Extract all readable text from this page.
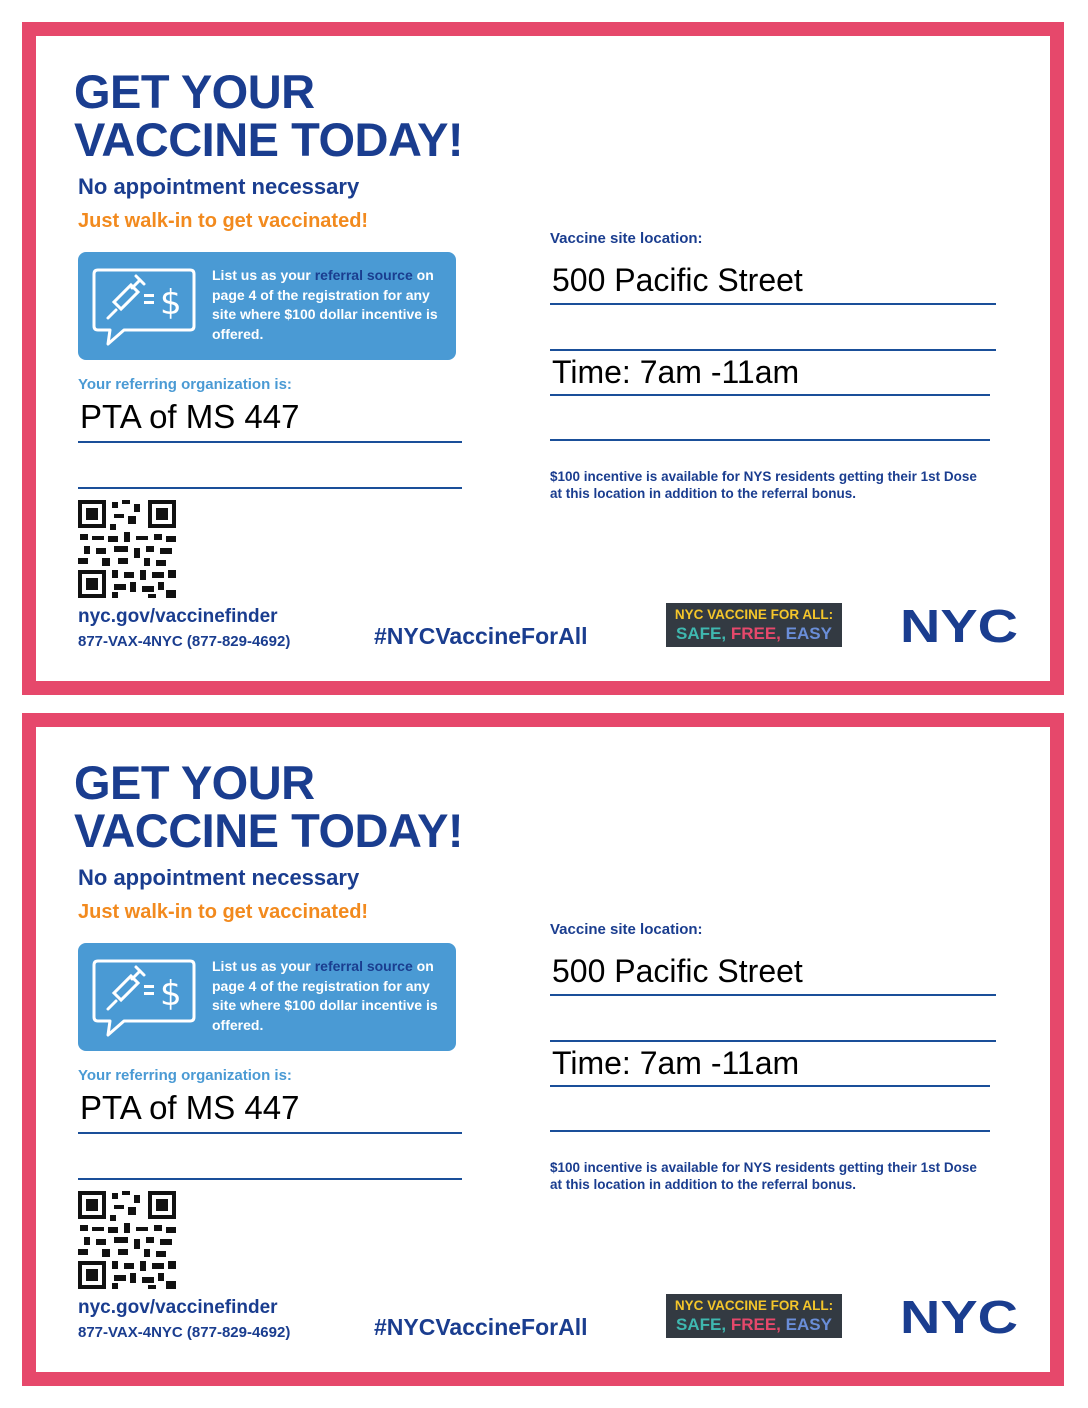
GET YOUR
VACCINE TODAY!
No appointment necessary
Just walk-in to get vaccinated!
$
List us as your referral source on page 4 of the registration for any site where $100 dollar incentive is offered.
Your referring organization is:
PTA of MS 447
nyc.gov/vaccinefinder
877-VAX-4NYC (877-829-4692)	#NYCVaccineForAll
Vaccine site location:
500 Pacific Street
Time: 7am -11am
$100 incentive is available for NYS residents getting their 1st Dose at this location in addition to the referral bonus.
NYC VACCINE FOR ALL:
SAFE, FREE, EASY NYC
GET YOUR
VACCINE TODAY!
No appointment necessary
Just walk-in to get vaccinated!
$
List us as your referral source on page 4 of the registration for any site where $100 dollar incentive is offered.
Your referring organization is:
PTA of MS 447
nyc.gov/vaccinefinder
877-VAX-4NYC (877-829-4692)	#NYCVaccineForAll
Vaccine site location:
500 Pacific Street
Time: 7am -11am
$100 incentive is available for NYS residents getting their 1st Dose at this location in addition to the referral bonus.
NYC VACCINE FOR ALL:
SAFE, FREE, EASY NYC
